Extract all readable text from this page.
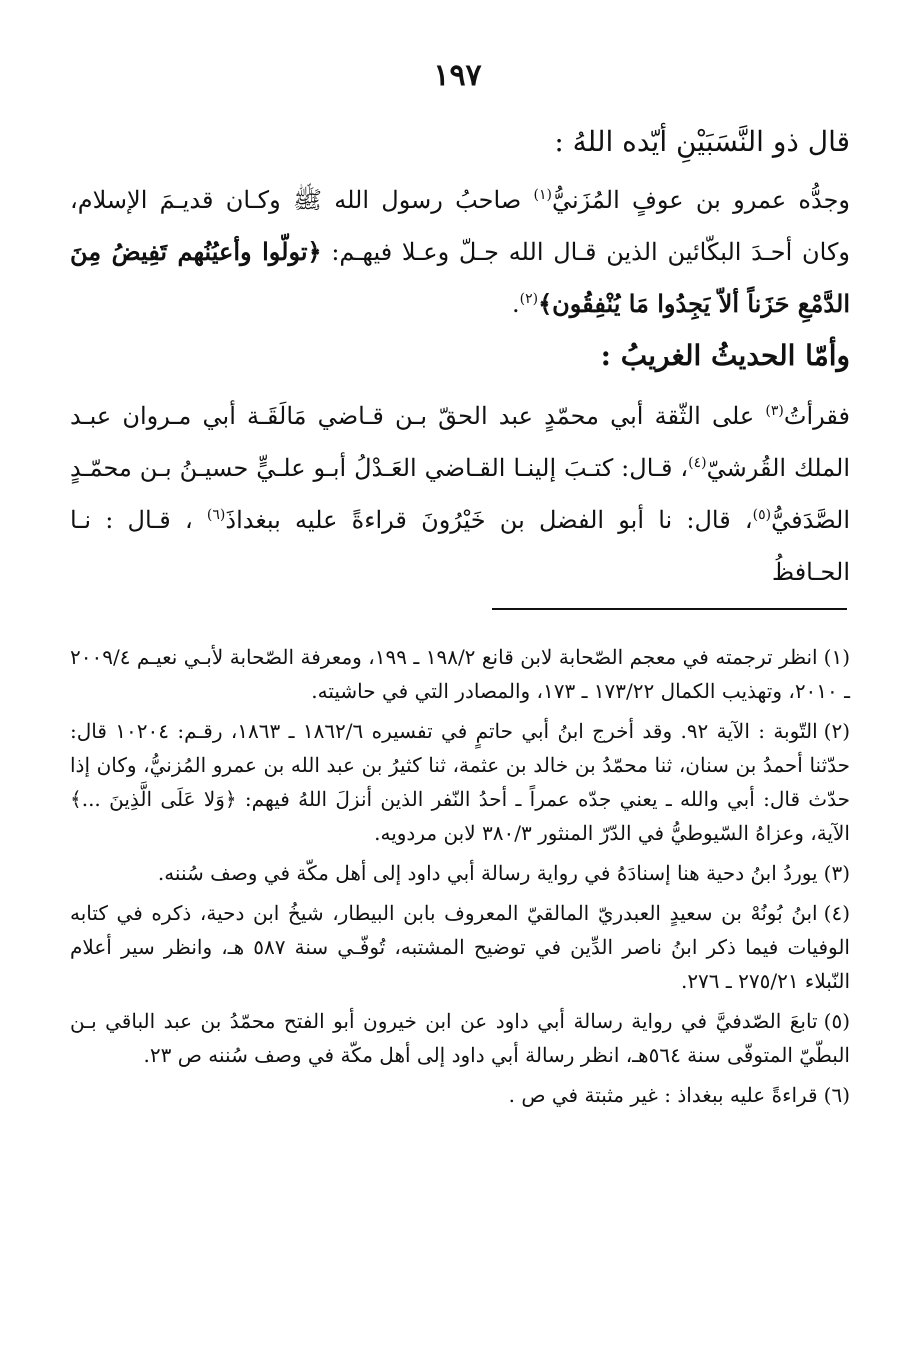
١٩٧

قال ذو النَّسَبَيْنِ أيّده اللهُ :

وجدُّه عمرو بن عوفٍ المُزَنيُّ$^{(١)}$ صاحبُ رسول الله ﷺ وكـان قديـمَ الإسلام، وكان أحـدَ البكّائين الذين قـال الله جـلّ وعـلا فيهـم: ﴿تولّوا وأعيُنُهم تَفِيضُ مِنَ الدَّمْعِ حَزَناً ألاّ يَجِدُوا مَا يُنْفِقُون﴾$^{(٢)}$.

وأمّا الحديثُ الغريبُ :

فقرأتُ$^{(٣)}$ على الثّقة أبي محمّدٍ عبد الحقّ بـن قـاضي مَالَقَـة أبي مـروان عبـد الملك القُرشيّ$^{(٤)}$، قـال: كتـبَ إلينـا القـاضي العَـدْلُ أبـو علـيٍّ حسيـنُ بـن محمّـدٍ الصَّدَفيُّ$^{(٥)}$، قال: نا أبو الفضل بن خَيْرُونَ قراءةً عليه ببغداذَ$^{(٦)}$ ، قـال : نـا الحـافظُ

(١)انظر ترجمته في معجم الصّحابة لابن قانع ١٩٨/٢ ـ ١٩٩، ومعرفة الصّحابة لأبـي نعيـم ٢٠٠٩/٤ ـ ٢٠١٠، وتهذيب الكمال ١٧٣/٢٢ ـ ١٧٣، والمصادر التي في حاشيته.

(٢)التّوبة : الآية ٩٢. وقد أخرج ابنُ أبي حاتمٍ في تفسيره ١٨٦٢/٦ ـ ١٨٦٣، رقـم: ١٠٢٠٤ قال: حدّثنا أحمدُ بن سنان، ثنا محمّدُ بن خالد بن عثمة، ثنا كثيرُ بن عبد الله بن عمرو المُزنيُّ، وكان إذا حدّث قال: أبي والله ـ يعني جدّه عمراً ـ أحدُ النّفر الذين أنزلَ اللهُ فيهم: ﴿وَلا عَلَى الَّذِينَ ...﴾ الآية، وعزاهُ السّيوطيُّ في الدّرّ المنثور ٣٨٠/٣ لابن مردويه.

(٣)يوردُ ابنُ دحية هنا إسنادَهُ في رواية رسالة أبي داود إلى أهل مكّة في وصف سُننه.

(٤)ابنُ بُونُهْ بن سعيدٍ العبدريّ المالقيّ المعروف بابن البيطار، شيخُ ابن دحية، ذكره في كتابه الوفيات فيما ذكر ابنُ ناصر الدِّين في توضيح المشتبه، تُوفّـي سنة ٥٨٧ هـ، وانظر سير أعلام النّبلاء ٢٧٥/٢١ ـ ٢٧٦.

(٥)تابعَ الصّدفيَّ في رواية رسالة أبي داود عن ابن خيرون أبو الفتح محمّدُ بن عبد الباقي بـن البطّيّ المتوفّى سنة ٥٦٤هـ، انظر رسالة أبي داود إلى أهل مكّة في وصف سُننه ص ٢٣.

(٦)قراءةً عليه ببغداذ : غير مثبتة في ص .
